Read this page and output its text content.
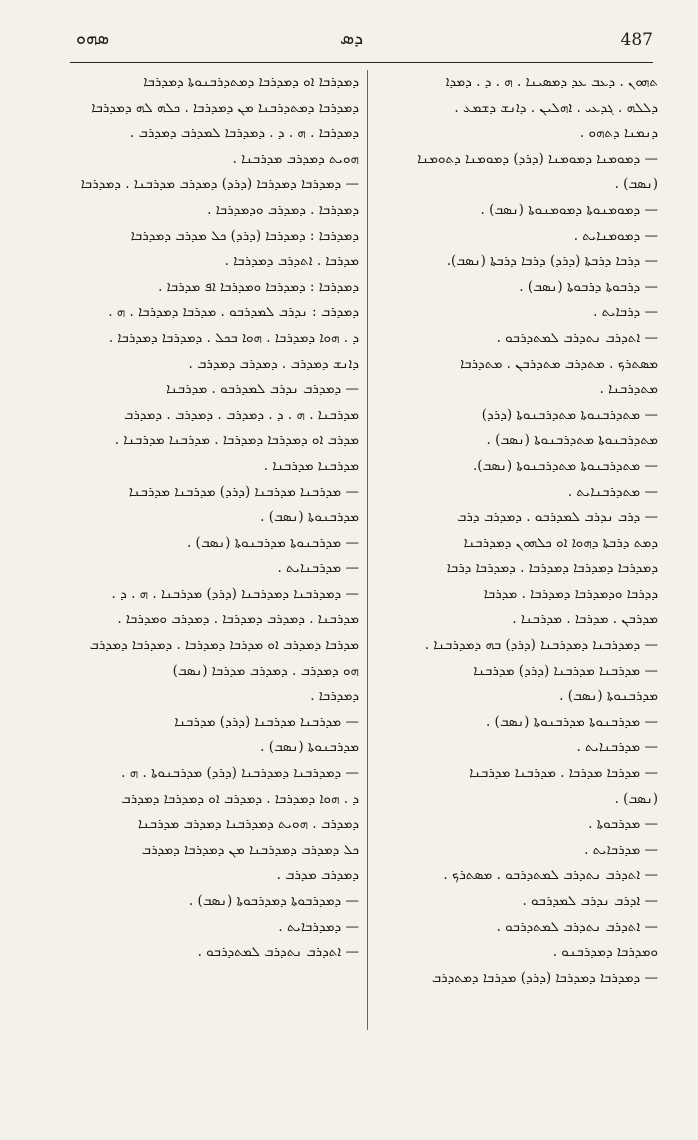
ܣܗܘ	ܕܣ	487
ܬܗܘܢ . ܕܥܒ ܥܕ ܕܡܣܝܢܐ . ܗ . ܕ . ܕܡܕܐ
ܕܠܠܗ . ܓܕܥܝ . ܐܗܠܝܢ . ܕܐܢܫ ܕܫܡܥ .
ܕܢܡܢܐ ܕܬܗܘ .
— ܕܡܘܡܢܐ ܕܡܘܡܢܐ (ܕܪܕ) ܕܡܘܡܢܐ ܕܬܘܡܢܐ
(ܢܣܒ) .
— ܕܡܘܡܢܘܬܐ ܕܡܘܡܢܘܬܐ (ܢܣܒ) .
— ܕܡܘܡܢܐܝܬ .
— ܕܪܒܐ ܕܪܒܬܐ (ܕܪܕ) ܕܪܒܐ ܕܪܒܬܐ (ܢܣܒ).
— ܕܪܒܘܬܐ ܕܪܒܘܬܐ (ܢܣܒ) .
— ܕܪܒܐܝܬ .
— ܐܬܕܪܒ ܢܬܕܪܒ ܠܡܬܕܪܒܘ .
ܡܣܬܪܟ . ܡܬܕܪܒ ܡܬܕܪܒܢ . ܡܬܕܪܒܐ
ܡܬܕܪܒܢܐ .
— ܡܬܕܪܒܢܘܬܐ ܡܬܕܪܒܢܘܬܐ (ܕܪܕ)
ܡܬܕܪܒܢܘܬܐ ܡܬܕܪܒܢܘܬܐ (ܢܣܒ) .
— ܡܬܕܪܒܢܘܬܐ ܡܬܕܪܒܢܘܬܐ (ܢܣܒ).
— ܡܬܕܪܒܢܐܝܬ .
— ܕܪܒ ܢܕܪܒ ܠܡܕܪܒܘ . ܕܡܕܪܒ ܕܪܒ
ܕܡܬ ܕܪܒܬܐ ܕܗܘܐ ܐܘ ܟܠܗܘܢ ܕܡܕܪܒܢܐ
ܕܡܕܪܒܐ ܕܡܕܪܒܐ ܕܡܕܪܒܐ . ܕܡܕܪܒܐ ܕܪܒܐ
ܕܕܪܒܐ ܘܕܡܕܪܒܐ ܕܡܕܪܒܐ . ܡܕܪܒܐ
ܡܕܪܒܢ . ܡܕܪܒܐ . ܡܕܪܒܢܐ .
— ܕܡܕܪܒܢܐ ܕܡܕܪܒܢܐ (ܕܪܕ) ܒܗ ܕܡܕܪܒܢܐ .
— ܡܕܪܒܢܐ ܡܕܪܒܢܐ (ܕܪܕ) ܡܕܪܒܢܐ
ܡܕܪܒܢܘܬܐ (ܢܣܒ) .
— ܡܕܪܒܢܘܬܐ ܡܕܪܒܢܘܬܐ (ܢܣܒ) .
— ܡܕܪܒܢܐܝܬ .
— ܡܕܪܒܐ ܡܕܪܒܐ . ܡܕܪܒܢܐ ܡܕܪܒܢܐ
(ܢܣܒ) .
— ܡܕܪܒܘܬܐ .
— ܡܕܪܒܐܝܬ .
— ܐܬܕܪܒ ܢܬܕܪܒ ܠܡܬܕܪܒܘ . ܡܣܬܪܟ .
— ܐܕܪܒ ܢܕܪܒ ܠܡܕܪܒܘ .
— ܐܬܕܪܒ ܢܬܕܪܒ ܠܡܬܕܪܒܘ .
ܘܡܕܪܒܐ ܕܡܕܪܒܢܘ .
— ܕܡܕܪܒܐ ܕܡܕܪܒܐ (ܕܪܕ) ܡܕܪܒܐ ܕܡܬܕܪܒ
ܕܡܕܪܒܐ ܐܘ ܕܡܕܪܒܐ ܕܡܬܕܪܒܢܘܬܐ ܕܡܕܪܒܐ
ܕܡܕܪܒܐ ܕܡܬܕܪܒܢܐ ܡܢ ܕܡܕܪܒܐ . ܟܠܗ ܠܗ ܕܡܕܪܒܐ
ܕܡܕܪܒܐ . ܗ . ܕ . ܕܡܕܪܒܐ ܠܡܕܪܒ ܕܡܕܪܒ .
ܗܘܝܬ ܕܡܕܪܒ ܡܕܪܒܢܐ .
— ܕܡܕܪܒܐ ܕܡܕܪܒܐ (ܕܪܕ) ܕܡܕܪܒ ܡܕܪܒܢܐ . ܕܡܕܪܒܐ
ܕܡܕܪܒܐ . ܕܡܕܪܒ ܘܕܡܕܪܒܐ .
ܕܡܕܪܒܐ : ܕܡܕܪܒܐ (ܕܪܕ) ܟܠ ܡܕܪܒ ܕܡܕܪܒܐ
ܡܕܪܒܐ . ܐܬܕܪܒ ܕܡܕܪܒܐ .
ܕܡܕܪܒܐ : ܕܡܕܪܒܐ ܘܡܕܪܒܐ ܐܦ ܡܕܪܒܐ .
ܕܡܕܪܒ : ܢܕܪܒ ܠܡܕܪܒܘ . ܡܕܪܒܐ ܕܡܕܪܒܐ . ܗ .
ܕ . ܗܘܐ ܕܡܕܪܒܐ . ܗܘܐ ܒܟܠ . ܕܡܕܪܒܐ ܕܡܕܪܒܐ .
ܕܐܢܫ ܕܡܕܪܒ . ܕܡܕܪܒ ܕܡܕܪܒ .
— ܕܡܕܪܒ ܢܕܪܒ ܠܡܕܪܒܘ . ܡܕܪܒܢܐ
ܡܕܪܒܢܐ . ܗ . ܕ . ܕܡܕܪܒ . ܕܡܕܪܒ . ܕܡܕܪܒ
ܡܕܪܒ ܐܘ ܕܡܕܪܒܐ ܕܡܕܪܒܐ . ܡܕܪܒܢܐ ܡܕܪܒܢܐ .
ܡܕܪܒܢܐ ܡܕܪܒܢܐ .
— ܡܕܪܒܢܐ ܡܕܪܒܢܐ (ܕܪܕ) ܡܕܪܒܢܐ ܡܕܪܒܢܐ
ܡܕܪܒܢܘܬܐ (ܢܣܒ) .
— ܡܕܪܒܢܘܬܐ ܡܕܪܒܢܘܬܐ (ܢܣܒ) .
— ܡܕܪܒܢܐܝܬ .
— ܕܡܕܪܒܢܐ ܕܡܕܪܒܢܐ (ܕܪܕ) ܡܕܪܒܢܐ . ܗ . ܕ .
ܡܕܪܒܢܐ . ܕܡܕܪܒ ܕܡܕܪܒܐ . ܕܡܕܪܒ ܘܡܕܪܒܐ .
ܡܕܪܒܐ ܕܡܕܪܒ ܐܘ ܡܕܪܒܐ ܕܡܕܪܒܐ . ܕܡܕܪܒܐ ܕܡܕܪܒ
ܗܘ ܕܡܕܪܒ . ܕܡܕܪܒ ܡܕܪܒܐ (ܢܣܒ)
ܕܡܕܪܒܐ .
— ܡܕܪܒܢܐ ܡܕܪܒܢܐ (ܕܪܕ) ܡܕܪܒܢܐ
ܡܕܪܒܢܘܬܐ (ܢܣܒ) .
— ܕܡܕܪܒܢܐ ܕܡܕܪܒܢܐ (ܕܪܕ) ܡܕܪܒܢܘܬܐ . ܗ .
ܕ . ܗܘܐ ܕܡܕܪܒܐ . ܕܡܕܪܒ ܐܘ ܕܡܕܪܒܐ ܕܡܕܪܒ
ܕܡܕܪܒ . ܗܘܝܬ ܕܡܕܪܒܢܐ ܕܡܕܪܒ ܡܕܪܒܢܐ
ܟܠ ܕܡܕܪܒ ܕܡܕܪܒܢܐ ܡܢ ܕܡܕܪܒܐ ܕܡܕܪܒ
ܕܡܕܪܒ ܡܕܪܒ .
— ܕܡܕܪܒܘܬܐ ܕܡܕܪܒܘܬܐ (ܢܣܒ) .
— ܕܡܕܪܒܐܝܬ .
— ܐܬܕܪܒ ܢܬܕܪܒ ܠܡܬܕܪܒܘ .
